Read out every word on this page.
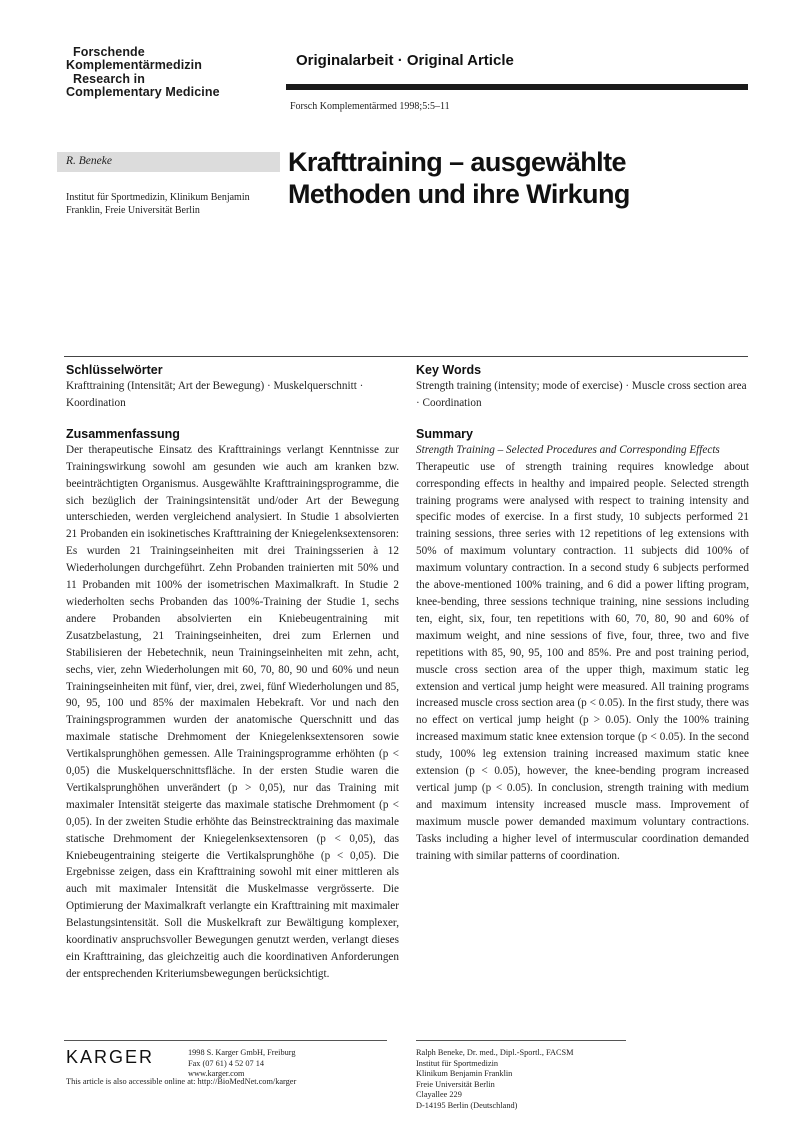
Forschende
Komplementärmedizin
Research in
Complementary Medicine
Originalarbeit · Original Article
Forsch Komplementärmed 1998;5:5–11
R. Beneke
Institut für Sportmedizin, Klinikum Benjamin Franklin, Freie Universität Berlin
Krafttraining – ausgewählte
Methoden und ihre Wirkung

Schlüsselwörter

Krafttraining (Intensität; Art der Bewegung) · Muskelquerschnitt · Koordination

Zusammenfassung

Der therapeutische Einsatz des Krafttrainings verlangt Kenntnisse zur Trainingswirkung sowohl am gesunden wie auch am kranken bzw. beeinträchtigten Organismus. Ausgewählte Krafttrainingsprogramme, die sich bezüglich der Trainingsintensität und/oder Art der Bewegung unterschieden, werden vergleichend analysiert. In Studie 1 absolvierten 21 Probanden ein isokinetisches Krafttraining der Kniegelenksextensoren: Es wurden 21 Trainingseinheiten mit drei Trainingsserien à 12 Wiederholungen durchgeführt. Zehn Probanden trainierten mit 50% und 11 Probanden mit 100% der isometrischen Maximalkraft. In Studie 2 wiederholten sechs Probanden das 100%-Training der Studie 1, sechs andere Probanden absolvierten ein Kniebeugentraining mit Zusatzbelastung, 21 Trainingseinheiten, drei zum Erlernen und Stabilisieren der Hebetechnik, neun Trainingseinheiten mit zehn, acht, sechs, vier, zehn Wiederholungen mit 60, 70, 80, 90 und 60% und neun Trainingseinheiten mit fünf, vier, drei, zwei, fünf Wiederholungen und 85, 90, 95, 100 und 85% der maximalen Hebekraft. Vor und nach den Trainingsprogrammen wurden der anatomische Querschnitt und das maximale statische Drehmoment der Kniegelenksextensoren sowie Vertikalsprunghöhen gemessen. Alle Trainingsprogramme erhöhten (p < 0,05) die Muskelquerschnittsfläche. In der ersten Studie waren die Vertikalsprunghöhen unverändert (p > 0,05), nur das Training mit maximaler Intensität steigerte das maximale statische Drehmoment (p < 0,05). In der zweiten Studie erhöhte das Beinstrecktraining das maximale statische Drehmoment der Kniegelenksextensoren (p < 0,05), das Kniebeugentraining steigerte die Vertikalsprunghöhe (p < 0,05). Die Ergebnisse zeigen, dass ein Krafttraining sowohl mit einer mittleren als auch mit maximaler Intensität die Muskelmasse vergrösserte. Die Optimierung der Maximalkraft verlangte ein Krafttraining mit maximaler Belastungsintensität. Soll die Muskelkraft zur Bewältigung komplexer, koordinativ anspruchsvoller Bewegungen genutzt werden, verlangt dieses ein Krafttraining, das gleichzeitig auch die koordinativen Anforderungen der entsprechenden Kriteriumsbewegungen berücksichtigt.

Key Words

Strength training (intensity; mode of exercise) · Muscle cross section area · Coordination

Summary

Strength Training – Selected Procedures and Corresponding Effects

Therapeutic use of strength training requires knowledge about corresponding effects in healthy and impaired people. Selected strength training programs were analysed with respect to training intensity and specific modes of exercise. In a first study, 10 subjects performed 21 training sessions, three series with 12 repetitions of leg extensions with 50% of maximum voluntary contraction. 11 subjects did 100% of maximum voluntary contraction. In a second study 6 subjects performed the above-mentioned 100% training, and 6 did a power lifting program, knee-bending, three sessions technique training, nine sessions including ten, eight, six, four, ten repetitions with 60, 70, 80, 90 and 60% of maximum weight, and nine sessions of five, four, three, two and five repetitions with 85, 90, 95, 100 and 85%. Pre and post training period, muscle cross section area of the upper thigh, maximum static leg extension and vertical jump height were measured. All training programs increased muscle cross section area (p < 0.05). In the first study, there was no effect on vertical jump height (p > 0.05). Only the 100% training increased maximum static knee extension torque (p < 0.05). In the second study, 100% leg extension training increased maximum static knee extension (p < 0.05), however, the knee-bending program increased vertical jump (p < 0.05). In conclusion, strength training with medium and maximum intensity increased muscle mass. Improvement of maximum muscle power demanded maximum voluntary contractions. Tasks including a higher level of intermuscular coordination demanded training with similar patterns of coordination.

KARGER	1998 S. Karger GmbH, Freiburg
Fax (07 61) 4 52 07 14
www.karger.com
This article is also accessible online at: http://BioMedNet.com/karger
Ralph Beneke, Dr. med., Dipl.-Sportl., FACSM
Institut für Sportmedizin
Klinikum Benjamin Franklin
Freie Universität Berlin
Clayallee 229
D-14195 Berlin (Deutschland)
